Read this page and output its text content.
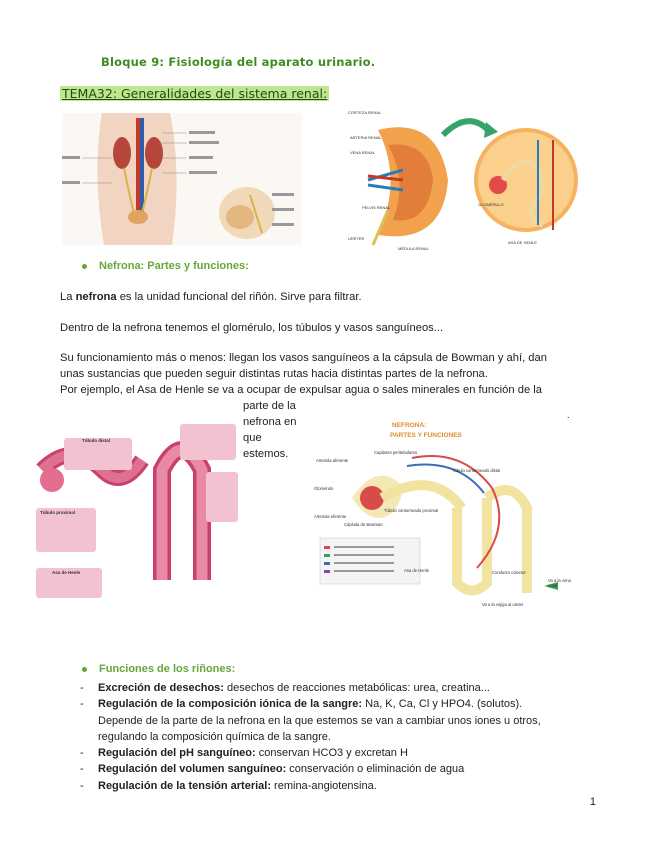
Bloque 9: Fisiología del aparato urinario.
TEMA32: Generalidades del sistema renal:
CORTEZA RENAL
ARTERIA RENAL
VENA RENAL
PELVIS RENAL
URÉTER
MÉDULA RENAL
GLOMÉRULO
ASA DE HENLE
Nefrona: Partes y funciones:
La nefrona es la unidad funcional del riñón. Sirve para filtrar.
Dentro de la nefrona tenemos el glomérulo, los túbulos y vasos sanguíneos...
Su funcionamiento más o menos: llegan los vasos sanguíneos a la cápsula de Bowman y ahí, dan
unas sustancias que pueden seguir distintas rutas hacia distintas partes de la nefrona.
Por ejemplo, el Asa de Henle se va a ocupar de expulsar agua o sales minerales en función de la
parte de la
nefrona en
que
estemos.
Túbulo distal
Asa de Henle
Túbulo proximal
NEFRONA:
PARTES Y FUNCIONES
Arteriola aferente
Capilares peritubulares
Túbulo contorneado distal
Glomérulo
Arteriola eferente
Túbulo contorneado proximal
Cápsula de Bowman
Asa de Henle	Conducto colector
Va a la vena renal
Va a la vejiga al ureter
Funciones de los riñones:
- Excreción de desechos: desechos de reacciones metabólicas: urea, creatina...
- Regulación de la composición iónica de la sangre: Na, K, Ca, Cl y HPO4. (solutos).
Depende de la parte de la nefrona en la que estemos se van a cambiar unos iones u otros,
regulando la composición química de la sangre.
- Regulación del pH sanguíneo: conservan HCO3 y excretan H
- Regulación del volumen sanguíneo: conservación o eliminación de agua
- Regulación de la tensión arterial: remina-angiotensina.
1
